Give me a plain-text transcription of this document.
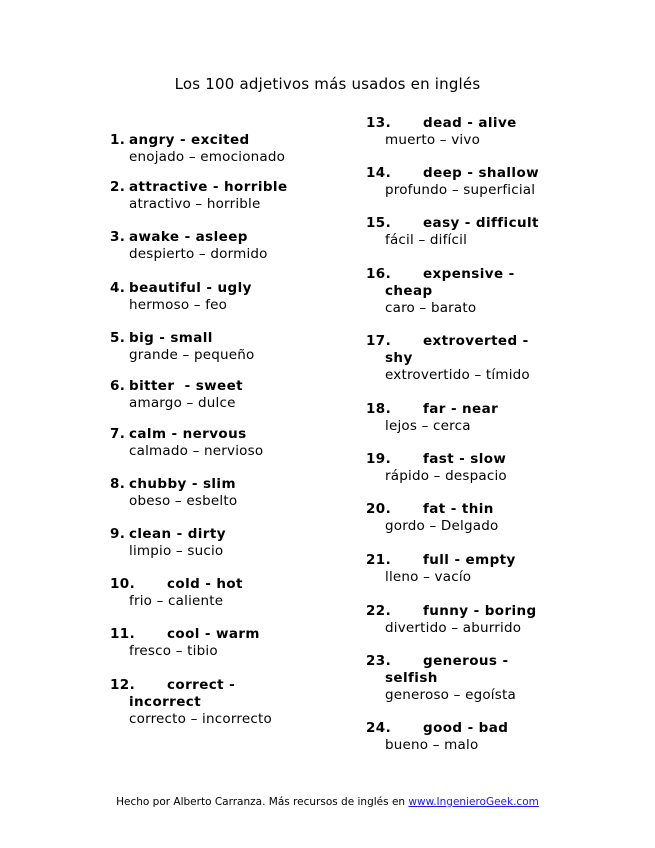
Los 100 adjetivos más usados en inglés
1. angry - excited
enojado – emocionado
2. attractive - horrible
atractivo – horrible
3. awake - asleep
despierto – dormido
4. beautiful - ugly
hermoso – feo
5. big - small
grande – pequeño
6. bitter  - sweet
amargo – dulce
7. calm - nervous
calmado – nervioso
8. chubby - slim
obeso – esbelto
9. clean - dirty
limpio – sucio
10. cold - hot
frio – caliente
11. cool - warm
fresco – tibio
12. correct -
incorrect
correcto – incorrecto
13. dead - alive
muerto – vivo
14. deep - shallow
profundo – superficial
15. easy - difficult
fácil – difícil
16. expensive -
cheap
caro – barato
17. extroverted -
shy
extrovertido – tímido
18. far - near
lejos – cerca
19. fast - slow
rápido – despacio
20. fat - thin
gordo – Delgado
21. full - empty
lleno – vacío
22. funny - boring
divertido – aburrido
23. generous -
selfish
generoso – egoísta
24. good - bad
bueno – malo
Hecho por Alberto Carranza. Más recursos de inglés en www.IngenieroGeek.com
